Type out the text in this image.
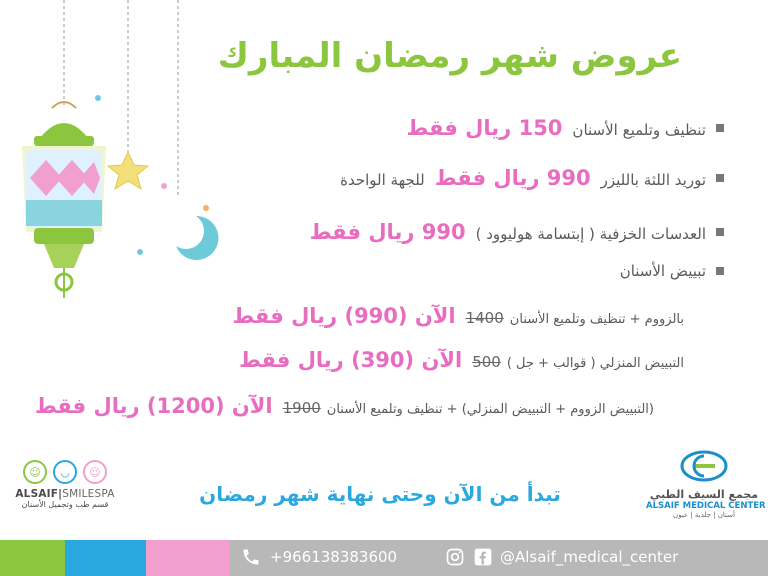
عروض شهر رمضان المبارك
تنظيف وتلميع الأسنان
150 ريال فقط
توريد اللثة بالليزر
990 ريال فقط
للجهة الواحدة
العدسات الخزفية ( إبتسامة هوليوود )
990 ريال فقط
تبييض الأسنان
بالزووم + تنظيف وتلميع الأسنان
1400
الآن (990) ريال فقط
التبييض المنزلي ( قوالب + جل )
500
الآن (390) ريال فقط
(التبييض الزووم + التبييض المنزلي) + تنظيف وتلميع الأسنان
1900
الآن (1200) ريال فقط
تبدأ من الآن وحتى نهاية شهر رمضان
☺	◡	☺
ALSAIF|SMILESPA
قسم طب وتجميل الأسنان
مجمع السيف الطبي
ALSAIF MEDICAL CENTER
أسنان | جلدية | عيون
+966138383600	@Alsaif_medical_center
